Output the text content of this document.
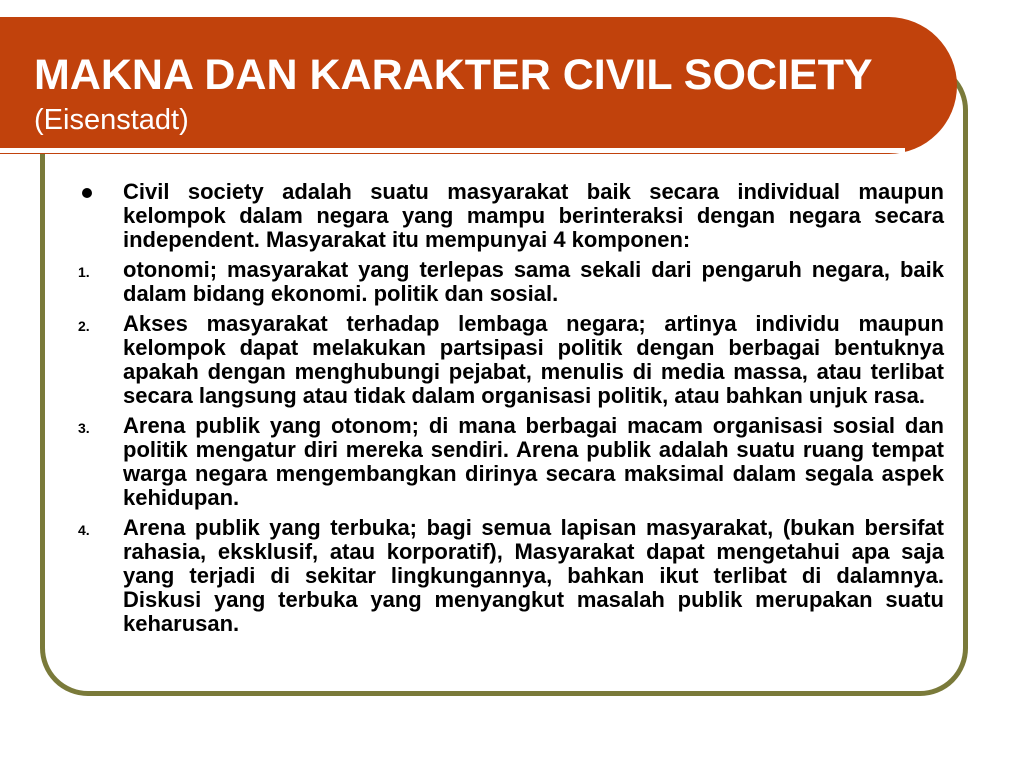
MAKNA DAN KARAKTER CIVIL SOCIETY
(Eisenstadt)
Civil society adalah suatu masyarakat baik secara individual maupun kelompok dalam negara yang mampu berinteraksi dengan negara secara independent. Masyarakat itu mempunyai 4 komponen:
1. otonomi; masyarakat yang terlepas sama sekali dari pengaruh negara, baik dalam bidang ekonomi. politik dan sosial.
2. Akses masyarakat terhadap lembaga negara; artinya individu maupun kelompok dapat melakukan partsipasi politik dengan berbagai bentuknya apakah dengan menghubungi pejabat, menulis di media massa, atau terlibat secara langsung atau tidak dalam organisasi politik, atau bahkan unjuk rasa.
3. Arena publik yang otonom; di mana berbagai macam organisasi sosial dan politik mengatur diri mereka sendiri. Arena publik adalah suatu ruang tempat warga negara mengembangkan dirinya secara maksimal dalam segala aspek kehidupan.
4. Arena publik yang terbuka; bagi semua lapisan masyarakat, (bukan bersifat rahasia, eksklusif, atau korporatif), Masyarakat dapat mengetahui apa saja yang terjadi di sekitar lingkungannya, bahkan ikut terlibat di dalamnya. Diskusi yang terbuka yang menyangkut masalah publik merupakan suatu keharusan.
